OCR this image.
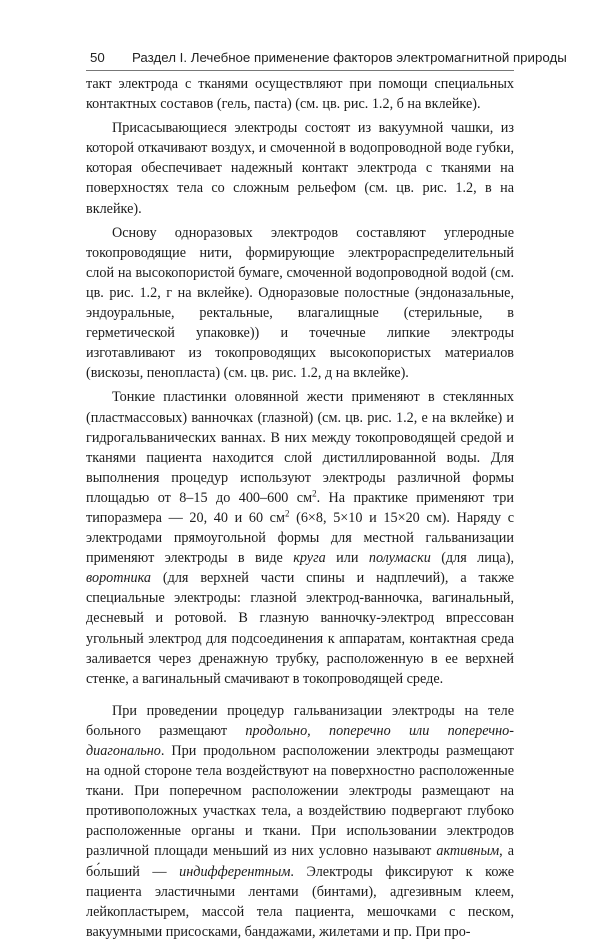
50 Раздел I. Лечебное применение факторов электромагнитной природы

такт электрода с тканями осуществляют при помощи специальных контактных составов (гель, паста) (см. цв. рис. 1.2, б на вклейке).

Присасывающиеся электроды состоят из вакуумной чашки, из которой откачивают воздух, и смоченной в водопроводной воде губки, которая обеспечивает надежный контакт электрода с тканями на поверхностях тела со сложным рельефом (см. цв. рис. 1.2, в на вклейке).

Основу одноразовых электродов составляют углеродные токопроводящие нити, формирующие электрораспределительный слой на высокопористой бумаге, смоченной водопроводной водой (см. цв. рис. 1.2, г на вклейке). Одноразовые полостные (эндоназальные, эндоуральные, ректальные, влагалищные (стерильные, в герметической упаковке)) и точечные липкие электроды изготавливают из токопроводящих высокопористых материалов (вискозы, пенопласта) (см. цв. рис. 1.2, д на вклейке).

Тонкие пластинки оловянной жести применяют в стеклянных (пластмассовых) ванночках (глазной) (см. цв. рис. 1.2, е на вклейке) и гидрогальванических ваннах. В них между токопроводящей средой и тканями пациента находится слой дистиллированной воды. Для выполнения процедур используют электроды различной формы площадью от 8–15 до 400–600 $см^2$. На практике применяют три типоразмера — 20, 40 и 60 $см^2$ (6×8, 5×10 и 15×20 см). Наряду с электродами прямоугольной формы для местной гальванизации применяют электроды в виде круга или полумаски (для лица), воротника (для верхней части спины и надплечий), а также специальные электроды: глазной электрод-ванночка, вагинальный, десневый и ротовой. В глазную ванночку-электрод впрессован угольный электрод для подсоединения к аппаратам, контактная среда заливается через дренажную трубку, расположенную в ее верхней стенке, а вагинальный смачивают в токопроводящей среде.

При проведении процедур гальванизации электроды на теле больного размещают продольно, поперечно или поперечно-диагонально. При продольном расположении электроды размещают на одной стороне тела воздействуют на поверхностно расположенные ткани. При поперечном расположении электроды размещают на противоположных участках тела, а воздействию подвергают глубоко расположенные органы и ткани. При использовании электродов различной площади меньший из них условно называют активным, а бо́льший — индифферентным. Электроды фиксируют к коже пациента эластичными лентами (бинтами), адгезивным клеем, лейкопластырем, массой тела пациента, мешочками с песком, вакуумными присосками, бандажами, жилетами и пр. При про-
